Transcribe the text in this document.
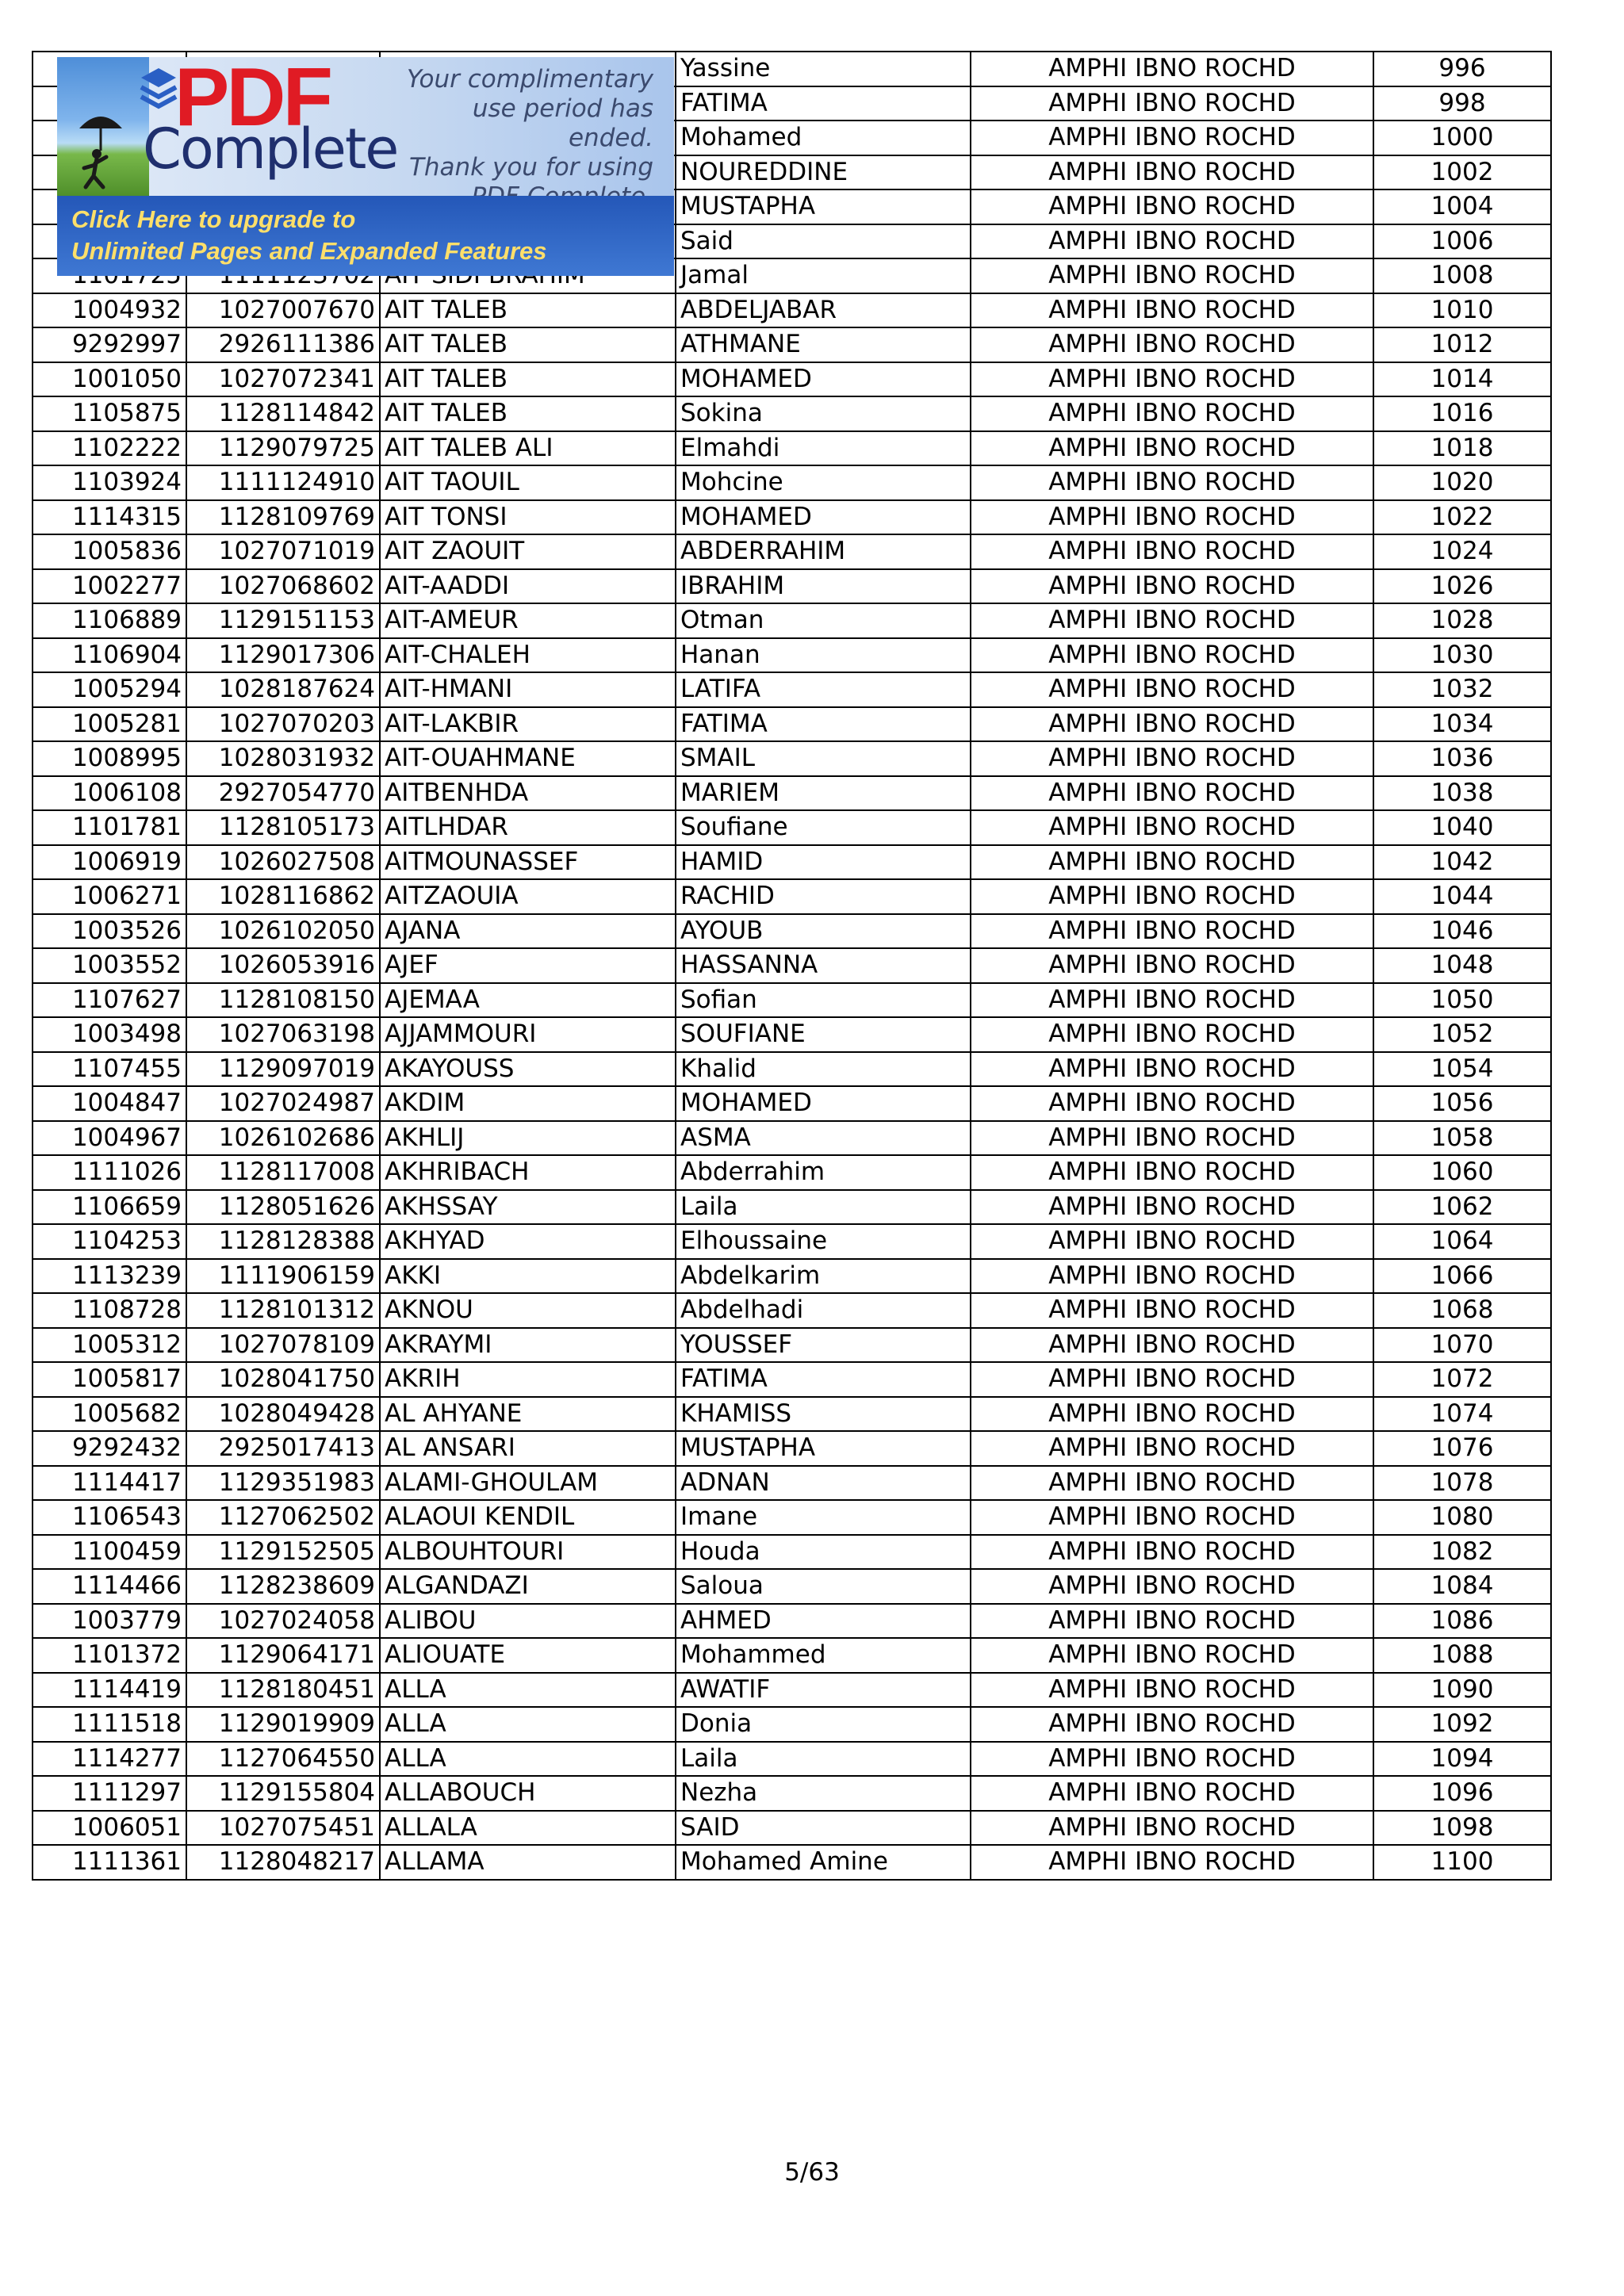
			Yassine	AMPHI IBNO ROCHD	996
			FATIMA	AMPHI IBNO ROCHD	998
			Mohamed	AMPHI IBNO ROCHD	1000
			NOUREDDINE	AMPHI IBNO ROCHD	1002
			MUSTAPHA	AMPHI IBNO ROCHD	1004
			Said	AMPHI IBNO ROCHD	1006
			Jamal	AMPHI IBNO ROCHD	1008
1004932	1027007670	AIT TALEB	ABDELJABAR	AMPHI IBNO ROCHD	1010
9292997	2926111386	AIT TALEB	ATHMANE	AMPHI IBNO ROCHD	1012
1001050	1027072341	AIT TALEB	MOHAMED	AMPHI IBNO ROCHD	1014
1105875	1128114842	AIT TALEB	Sokina	AMPHI IBNO ROCHD	1016
1102222	1129079725	AIT TALEB ALI	Elmahdi	AMPHI IBNO ROCHD	1018
1103924	1111124910	AIT TAOUIL	Mohcine	AMPHI IBNO ROCHD	1020
1114315	1128109769	AIT TONSI	MOHAMED	AMPHI IBNO ROCHD	1022
1005836	1027071019	AIT ZAOUIT	ABDERRAHIM	AMPHI IBNO ROCHD	1024
1002277	1027068602	AIT-AADDI	IBRAHIM	AMPHI IBNO ROCHD	1026
1106889	1129151153	AIT-AMEUR	Otman	AMPHI IBNO ROCHD	1028
1106904	1129017306	AIT-CHALEH	Hanan	AMPHI IBNO ROCHD	1030
1005294	1028187624	AIT-HMANI	LATIFA	AMPHI IBNO ROCHD	1032
1005281	1027070203	AIT-LAKBIR	FATIMA	AMPHI IBNO ROCHD	1034
1008995	1028031932	AIT-OUAHMANE	SMAIL	AMPHI IBNO ROCHD	1036
1006108	2927054770	AITBENHDA	MARIEM	AMPHI IBNO ROCHD	1038
1101781	1128105173	AITLHDAR	Soufiane	AMPHI IBNO ROCHD	1040
1006919	1026027508	AITMOUNASSEF	HAMID	AMPHI IBNO ROCHD	1042
1006271	1028116862	AITZAOUIA	RACHID	AMPHI IBNO ROCHD	1044
1003526	1026102050	AJANA	AYOUB	AMPHI IBNO ROCHD	1046
1003552	1026053916	AJEF	HASSANNA	AMPHI IBNO ROCHD	1048
1107627	1128108150	AJEMAA	Sofian	AMPHI IBNO ROCHD	1050
1003498	1027063198	AJJAMMOURI	SOUFIANE	AMPHI IBNO ROCHD	1052
1107455	1129097019	AKAYOUSS	Khalid	AMPHI IBNO ROCHD	1054
1004847	1027024987	AKDIM	MOHAMED	AMPHI IBNO ROCHD	1056
1004967	1026102686	AKHLIJ	ASMA	AMPHI IBNO ROCHD	1058
1111026	1128117008	AKHRIBACH	Abderrahim	AMPHI IBNO ROCHD	1060
1106659	1128051626	AKHSSAY	Laila	AMPHI IBNO ROCHD	1062
1104253	1128128388	AKHYAD	Elhoussaine	AMPHI IBNO ROCHD	1064
1113239	1111906159	AKKI	Abdelkarim	AMPHI IBNO ROCHD	1066
1108728	1128101312	AKNOU	Abdelhadi	AMPHI IBNO ROCHD	1068
1005312	1027078109	AKRAYMI	YOUSSEF	AMPHI IBNO ROCHD	1070
1005817	1028041750	AKRIH	FATIMA	AMPHI IBNO ROCHD	1072
1005682	1028049428	AL AHYANE	KHAMISS	AMPHI IBNO ROCHD	1074
9292432	2925017413	AL ANSARI	MUSTAPHA	AMPHI IBNO ROCHD	1076
1114417	1129351983	ALAMI-GHOULAM	ADNAN	AMPHI IBNO ROCHD	1078
1106543	1127062502	ALAOUI KENDIL	Imane	AMPHI IBNO ROCHD	1080
1100459	1129152505	ALBOUHTOURI	Houda	AMPHI IBNO ROCHD	1082
1114466	1128238609	ALGANDAZI	Saloua	AMPHI IBNO ROCHD	1084
1003779	1027024058	ALIBOU	AHMED	AMPHI IBNO ROCHD	1086
1101372	1129064171	ALIOUATE	Mohammed	AMPHI IBNO ROCHD	1088
1114419	1128180451	ALLA	AWATIF	AMPHI IBNO ROCHD	1090
1111518	1129019909	ALLA	Donia	AMPHI IBNO ROCHD	1092
1114277	1127064550	ALLA	Laila	AMPHI IBNO ROCHD	1094
1111297	1129155804	ALLABOUCH	Nezha	AMPHI IBNO ROCHD	1096
1006051	1027075451	ALLALA	SAID	AMPHI IBNO ROCHD	1098
1111361	1128048217	ALLAMA	Mohamed Amine	AMPHI IBNO ROCHD	1100
PDF
Complete
Your complimentary
use period has ended.
Thank you for using
Click Here to upgrade to
Unlimited Pages and Expanded Features
5/63
